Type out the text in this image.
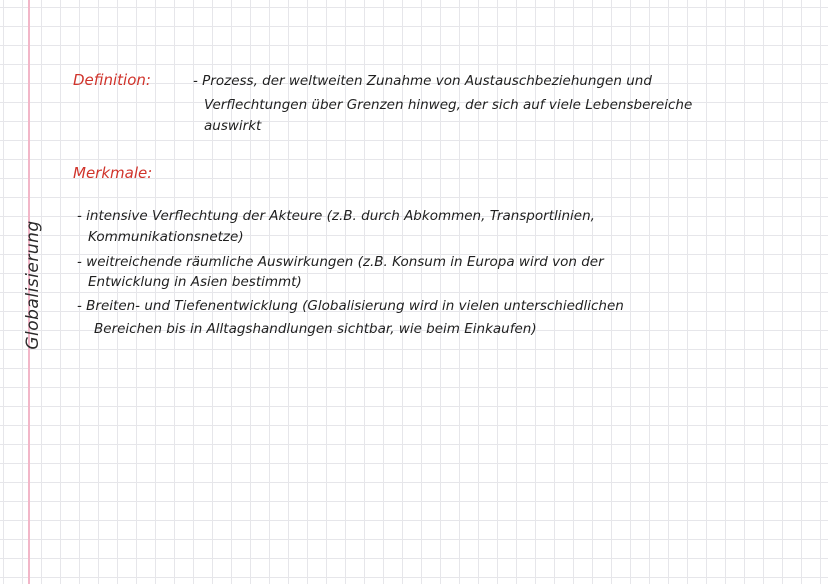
Globalisierung
Definition:	- Prozess, der weltweiten Zunahme von Austauschbeziehungen und
Verflechtungen über Grenzen hinweg, der sich auf viele Lebensbereiche
auswirkt
Merkmale:
- intensive Verflechtung der Akteure (z.B. durch Abkommen, Transportlinien,
Kommunikationsnetze)
- weitreichende räumliche Auswirkungen (z.B. Konsum in Europa wird von der
Entwicklung in Asien bestimmt)
- Breiten- und Tiefenentwicklung (Globalisierung wird in vielen unterschiedlichen
Bereichen bis in Alltagshandlungen sichtbar, wie beim Einkaufen)
